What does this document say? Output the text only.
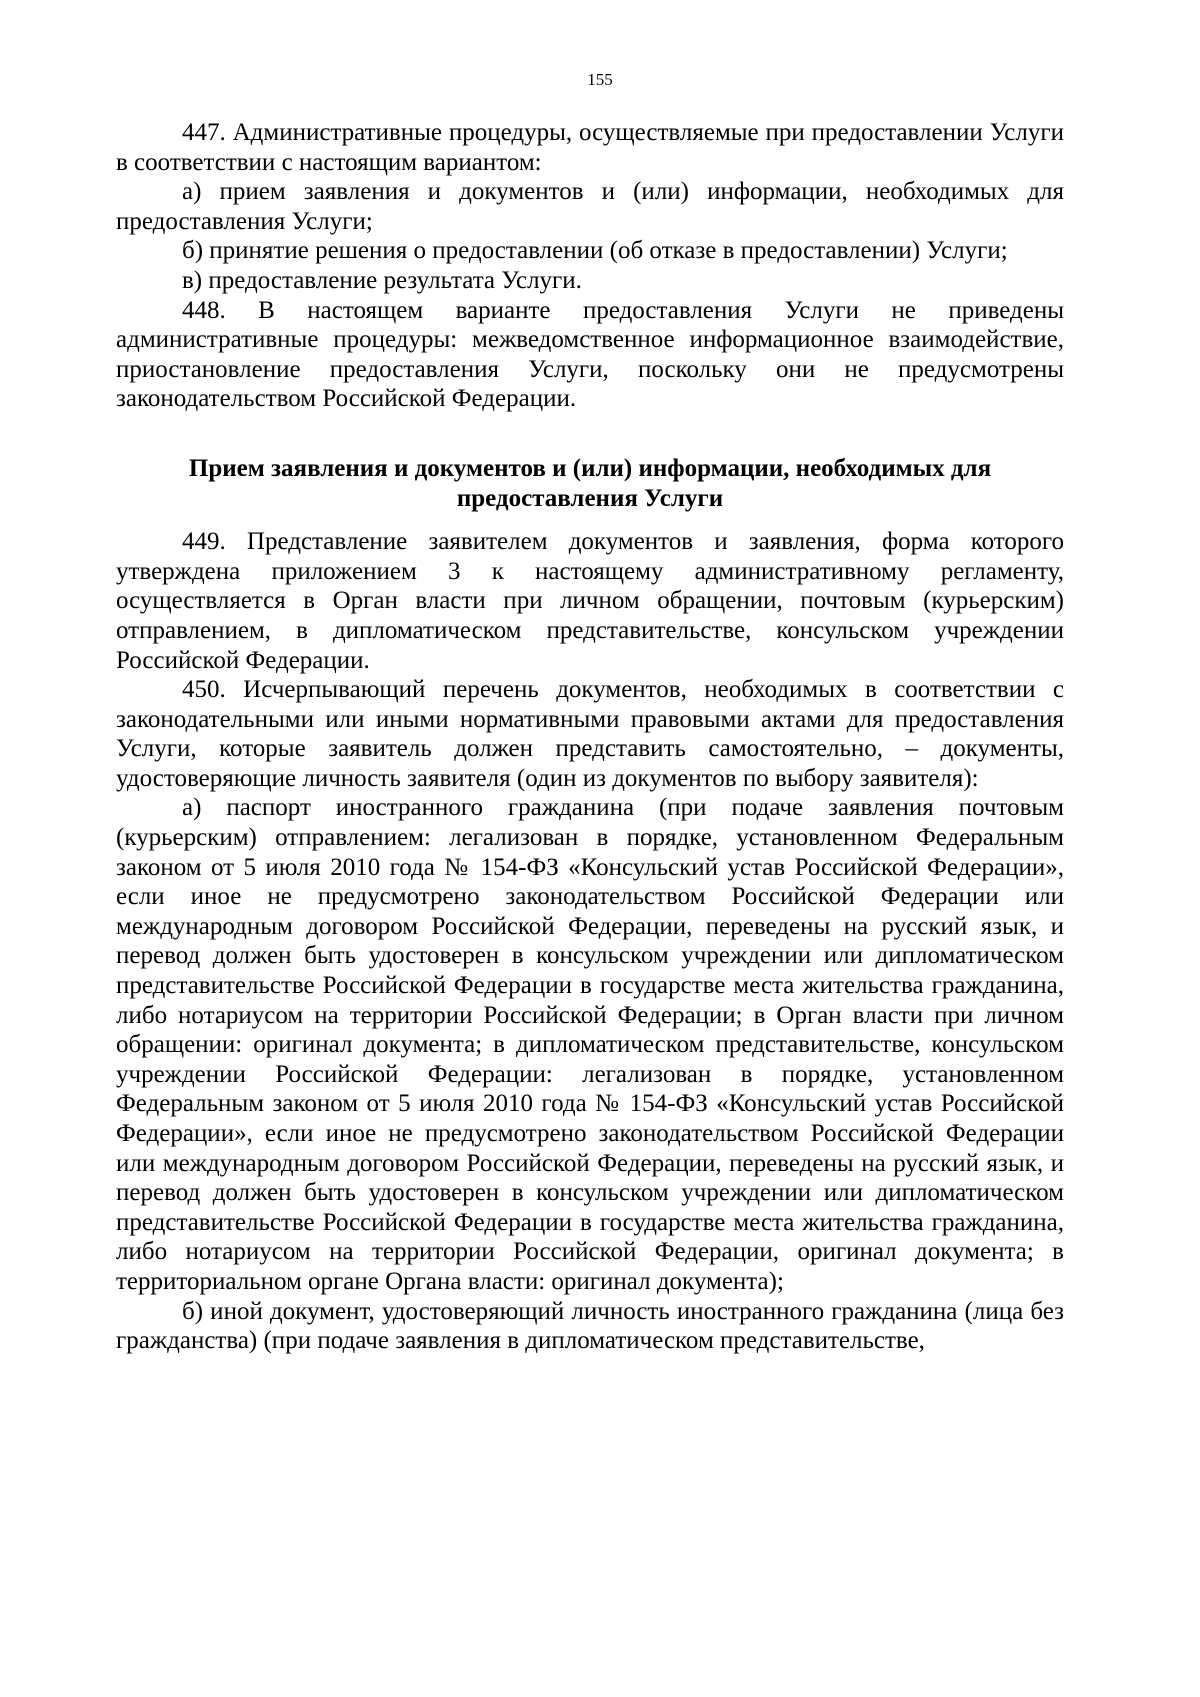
155

447. Административные процедуры, осуществляемые при предоставлении Услуги в соответствии с настоящим вариантом:

а) прием заявления и документов и (или) информации, необходимых для предоставления Услуги;

б) принятие решения о предоставлении (об отказе в предоставлении) Услуги;

в) предоставление результата Услуги.

448. В настоящем варианте предоставления Услуги не приведены административные процедуры: межведомственное информационное взаимодействие, приостановление предоставления Услуги, поскольку они не предусмотрены законодательством Российской Федерации.

Прием заявления и документов и (или) информации, необходимых для предоставления Услуги

449. Представление заявителем документов и заявления, форма которого утверждена приложением 3 к настоящему административному регламенту, осуществляется в Орган власти при личном обращении, почтовым (курьерским) отправлением, в дипломатическом представительстве, консульском учреждении Российской Федерации.

450. Исчерпывающий перечень документов, необходимых в соответствии с законодательными или иными нормативными правовыми актами для предоставления Услуги, которые заявитель должен представить самостоятельно, – документы, удостоверяющие личность заявителя (один из документов по выбору заявителя):

а) паспорт иностранного гражданина (при подаче заявления почтовым (курьерским) отправлением: легализован в порядке, установленном Федеральным законом от 5 июля 2010 года № 154-ФЗ «Консульский устав Российской Федерации», если иное не предусмотрено законодательством Российской Федерации или международным договором Российской Федерации, переведены на русский язык, и перевод должен быть удостоверен в консульском учреждении или дипломатическом представительстве Российской Федерации в государстве места жительства гражданина, либо нотариусом на территории Российской Федерации; в Орган власти при личном обращении: оригинал документа; в дипломатическом представительстве, консульском учреждении Российской Федерации: легализован в порядке, установленном Федеральным законом от 5 июля 2010 года № 154-ФЗ «Консульский устав Российской Федерации», если иное не предусмотрено законодательством Российской Федерации или международным договором Российской Федерации, переведены на русский язык, и перевод должен быть удостоверен в консульском учреждении или дипломатическом представительстве Российской Федерации в государстве места жительства гражданина, либо нотариусом на территории Российской Федерации, оригинал документа; в территориальном органе Органа власти: оригинал документа);

б) иной документ, удостоверяющий личность иностранного гражданина (лица без гражданства) (при подаче заявления в дипломатическом представительстве,
